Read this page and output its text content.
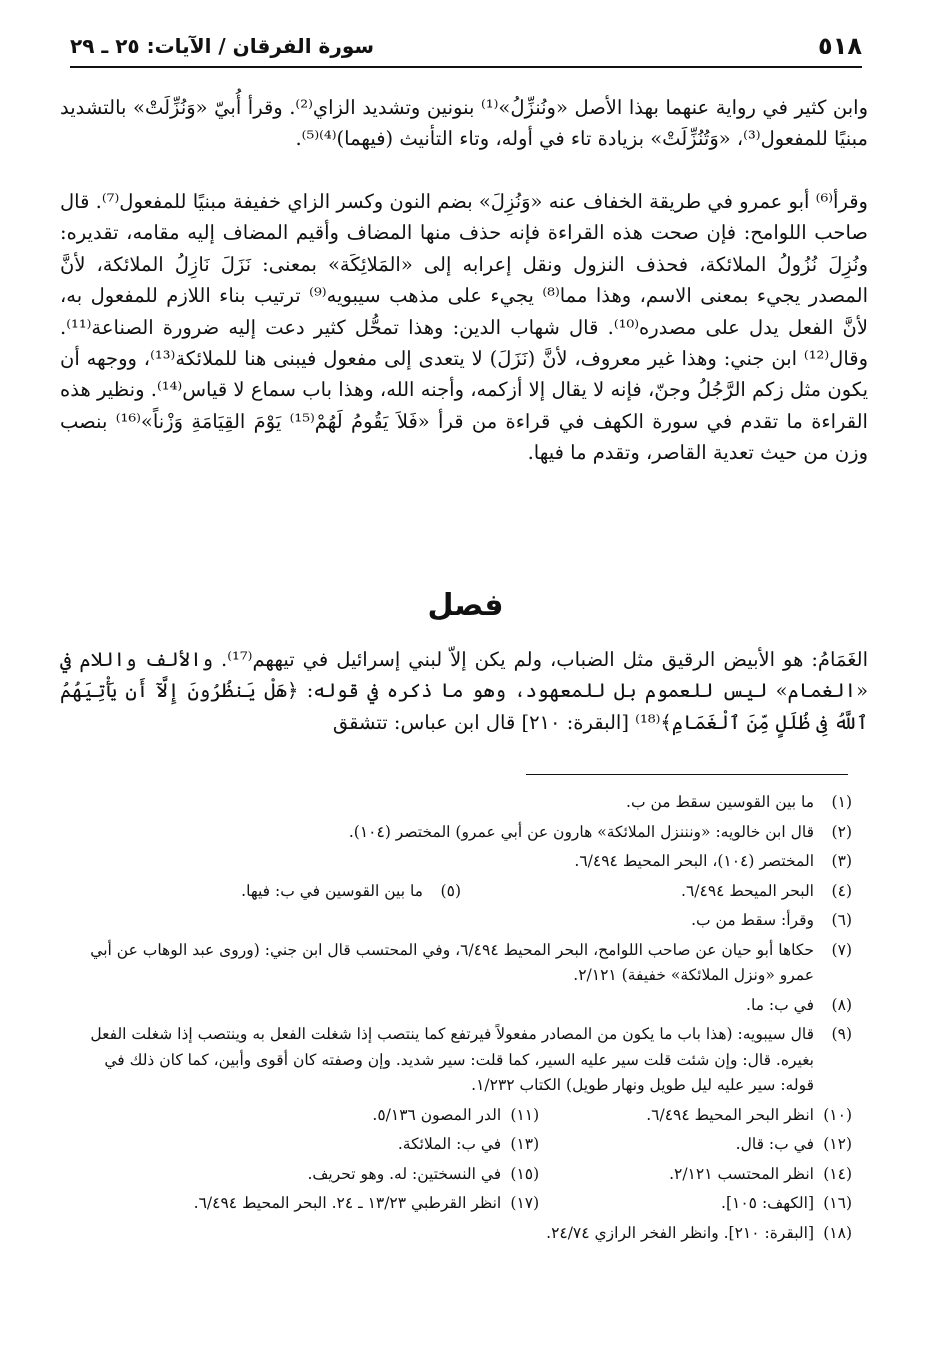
٥١٨
سورة الفرقان / الآيات: ٢٥ ـ ٢٩

وابن كثير في رواية عنهما بهذا الأصل «ونُنزِّلُ»⁽¹⁾ بنونين وتشديد الزاي⁽²⁾. وقرأ أُبيّ «وَنُزِّلَتْ» بالتشديد مبنيًا للمفعول⁽³⁾، «وَتُنُزِّلَتْ» بزيادة تاء في أوله، وتاء التأنيث (فيهما)⁽⁴⁾⁽⁵⁾.

وقرأ⁽⁶⁾ أبو عمرو في طريقة الخفاف عنه «وَنُزِلَ» بضم النون وكسر الزاي خفيفة مبنيًا للمفعول⁽⁷⁾. قال صاحب اللوامح: فإن صحت هذه القراءة فإنه حذف منها المضاف وأقيم المضاف إليه مقامه، تقديره: ونُزِلَ نُزُولُ الملائكة، فحذف النزول ونقل إعرابه إلى «المَلائِكَة» بمعنى: نَزَلَ نَازِلُ الملائكة، لأنَّ المصدر يجيء بمعنى الاسم، وهذا مما⁽⁸⁾ يجيء على مذهب سيبويه⁽⁹⁾ ترتيب بناء اللازم للمفعول به، لأنَّ الفعل يدل على مصدره⁽¹⁰⁾. قال شهاب الدين: وهذا تمحُّل كثير دعت إليه ضرورة الصناعة⁽¹¹⁾. وقال⁽¹²⁾ ابن جني: وهذا غير معروف، لأنَّ (نَزَلَ) لا يتعدى إلى مفعول فيبنى هنا للملائكة⁽¹³⁾، ووجهه أن يكون مثل زكم الرَّجُلُ وجنّ، فإنه لا يقال إلا أزكمه، وأجنه الله، وهذا باب سماع لا قياس⁽¹⁴⁾. ونظير هذه القراءة ما تقدم في سورة الكهف في قراءة من قرأ «فَلاَ يَقُومُ لَهُمْ⁽¹⁵⁾ يَوْمَ القِيَامَةِ وَزْناً»⁽¹⁶⁾ بنصب وزن من حيث تعدية القاصر، وتقدم ما فيها.

فصل

الغَمَامُ: هو الأبيض الرقيق مثل الضباب، ولم يكن إلاّ لبني إسرائيل في تيههم⁽¹⁷⁾. والألف واللام في «الغمام» ليس للعموم بل للمعهود، وهو ما ذكره في قوله: ﴿هَلْ يَنظُرُونَ إِلَّآ أَن يَأْتِيَهُمُ ٱللَّهُ فِى ظُلَلٍ مِّنَ ٱلْغَمَامِ﴾⁽¹⁸⁾ [البقرة: ٢١٠] قال ابن عباس: تتشقق

(١)
ما بين القوسين سقط من ب.
(٢)
قال ابن خالويه: «ونننزل الملائكة» هارون عن أبي عمرو) المختصر (١٠٤).
(٣)
المختصر (١٠٤)، البحر المحيط ٦/٤٩٤.
(٤)
البحر الميحط ٦/٤٩٤.
(٥)
ما بين القوسين في ب: فيها.
(٦)
وقرأ: سقط من ب.
(٧)
حكاها أبو حيان عن صاحب اللوامح، البحر المحيط ٦/٤٩٤، وفي المحتسب قال ابن جني: (وروى عبد الوهاب عن أبي عمرو «ونزل الملائكة» خفيفة) ٢/١٢١.
(٨)
في ب: ما.
(٩)
قال سيبويه: (هذا باب ما يكون من المصادر مفعولاً فيرتفع كما ينتصب إذا شغلت الفعل به وينتصب إذا شغلت الفعل بغيره. قال: وإن شئت قلت سير عليه السير، كما قلت: سير شديد. وإن وصفته كان أقوى وأبين، كما كان ذلك في قوله: سير عليه ليل طويل ونهار طويل) الكتاب ١/٢٣٢.
(١٠)
انظر البحر المحيط ٦/٤٩٤.
(١١)
الدر المصون ٥/١٣٦.
(١٢)
في ب: قال.
(١٣)
في ب: الملائكة.
(١٤)
انظر المحتسب ٢/١٢١.
(١٥)
في النسختين: له. وهو تحريف.
(١٦)
[الكهف: ١٠٥].
(١٧)
انظر القرطبي ١٣/٢٣ ـ ٢٤. البحر المحيط ٦/٤٩٤.
(١٨)
[البقرة: ٢١٠]. وانظر الفخر الرازي ٢٤/٧٤.
